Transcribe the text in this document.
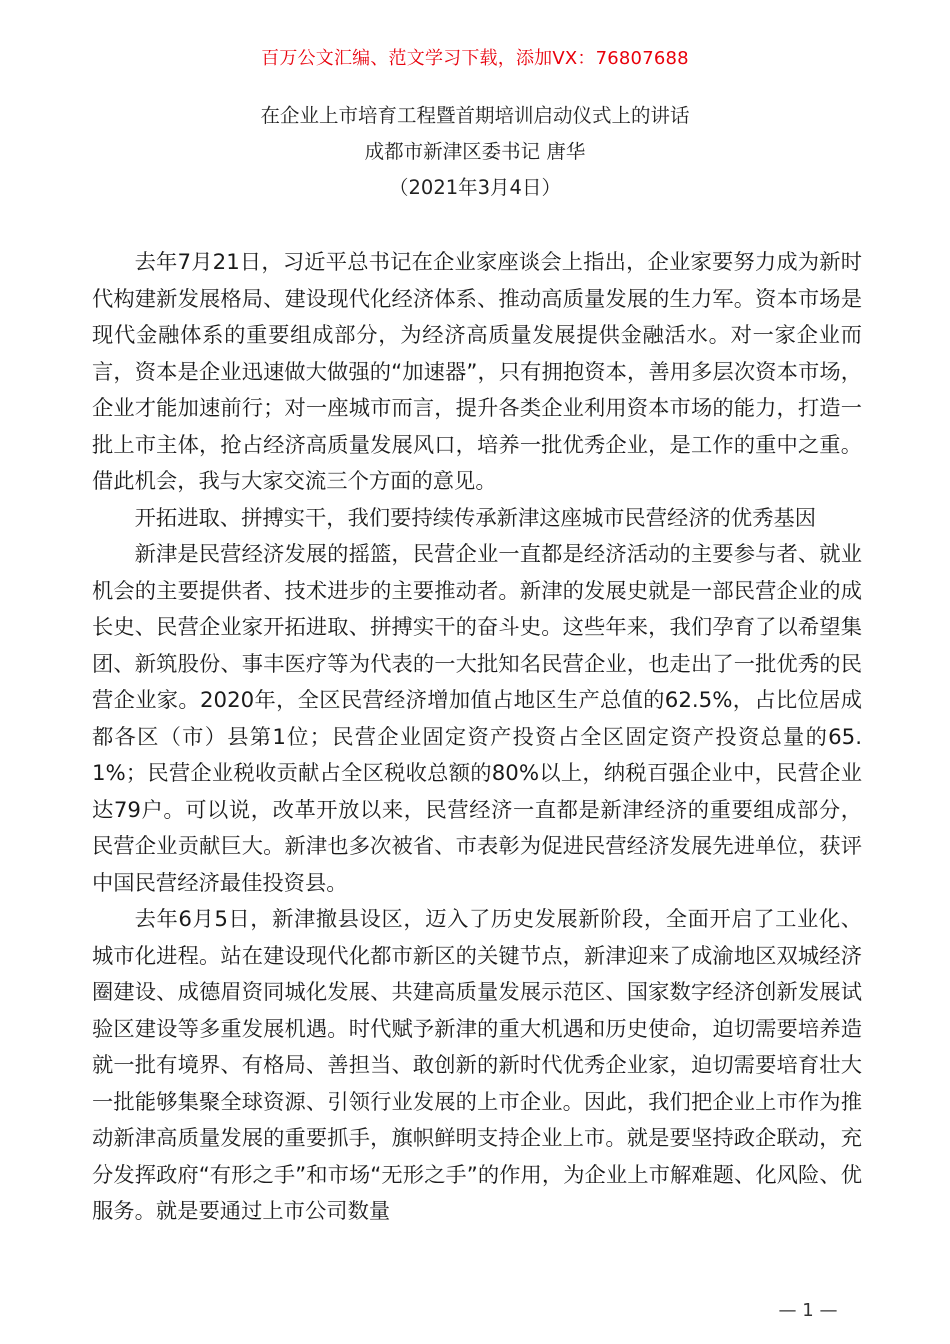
百万公文汇编、范文学习下载，添加VX：76807688
在企业上市培育工程暨首期培训启动仪式上的讲话
成都市新津区委书记 唐华
（2021年3月4日）

去年7月21日，习近平总书记在企业家座谈会上指出，企业家要努力成为新时代构建新发展格局、建设现代化经济体系、推动高质量发展的生力军。资本市场是现代金融体系的重要组成部分，为经济高质量发展提供金融活水。对一家企业而言，资本是企业迅速做大做强的“加速器”，只有拥抱资本，善用多层次资本市场，企业才能加速前行；对一座城市而言，提升各类企业利用资本市场的能力，打造一批上市主体，抢占经济高质量发展风口，培养一批优秀企业，是工作的重中之重。借此机会，我与大家交流三个方面的意见。

开拓进取、拼搏实干，我们要持续传承新津这座城市民营经济的优秀基因

新津是民营经济发展的摇篮，民营企业一直都是经济活动的主要参与者、就业机会的主要提供者、技术进步的主要推动者。新津的发展史就是一部民营企业的成长史、民营企业家开拓进取、拼搏实干的奋斗史。这些年来，我们孕育了以希望集团、新筑股份、事丰医疗等为代表的一大批知名民营企业，也走出了一批优秀的民营企业家。2020年，全区民营经济增加值占地区生产总值的62.5%，占比位居成都各区（市）县第1位；民营企业固定资产投资占全区固定资产投资总量的65.1%；民营企业税收贡献占全区税收总额的80%以上，纳税百强企业中，民营企业达79户。可以说，改革开放以来，民营经济一直都是新津经济的重要组成部分，民营企业贡献巨大。新津也多次被省、市表彰为促进民营经济发展先进单位，获评中国民营经济最佳投资县。

去年6月5日，新津撤县设区，迈入了历史发展新阶段，全面开启了工业化、城市化进程。站在建设现代化都市新区的关键节点，新津迎来了成渝地区双城经济圈建设、成德眉资同城化发展、共建高质量发展示范区、国家数字经济创新发展试验区建设等多重发展机遇。时代赋予新津的重大机遇和历史使命，迫切需要培养造就一批有境界、有格局、善担当、敢创新的新时代优秀企业家，迫切需要培育壮大一批能够集聚全球资源、引领行业发展的上市企业。因此，我们把企业上市作为推动新津高质量发展的重要抓手，旗帜鲜明支持企业上市。就是要坚持政企联动，充分发挥政府“有形之手”和市场“无形之手”的作用，为企业上市解难题、化风险、优服务。就是要通过上市公司数量

— 1 —
